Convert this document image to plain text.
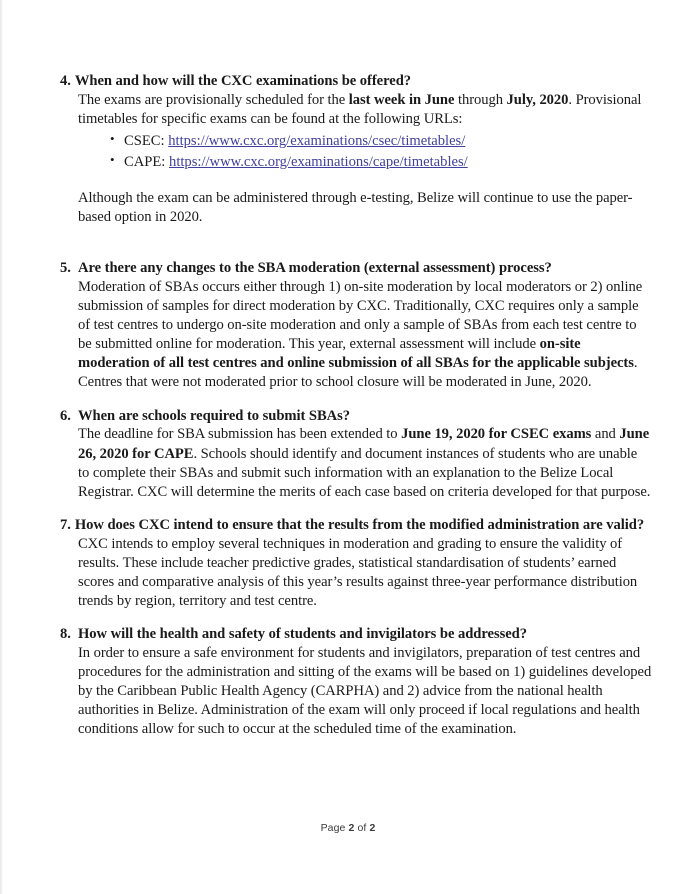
4. When and how will the CXC examinations be offered?
The exams are provisionally scheduled for the last week in June through July, 2020. Provisional timetables for specific exams can be found at the following URLs:
• CSEC: https://www.cxc.org/examinations/csec/timetables/
• CAPE: https://www.cxc.org/examinations/cape/timetables/
Although the exam can be administered through e-testing, Belize will continue to use the paper-based option in 2020.
5. Are there any changes to the SBA moderation (external assessment) process?
Moderation of SBAs occurs either through 1) on-site moderation by local moderators or 2) online submission of samples for direct moderation by CXC. Traditionally, CXC requires only a sample of test centres to undergo on-site moderation and only a sample of SBAs from each test centre to be submitted online for moderation. This year, external assessment will include on-site moderation of all test centres and online submission of all SBAs for the applicable subjects. Centres that were not moderated prior to school closure will be moderated in June, 2020.
6. When are schools required to submit SBAs?
The deadline for SBA submission has been extended to June 19, 2020 for CSEC exams and June 26, 2020 for CAPE. Schools should identify and document instances of students who are unable to complete their SBAs and submit such information with an explanation to the Belize Local Registrar. CXC will determine the merits of each case based on criteria developed for that purpose.
7. How does CXC intend to ensure that the results from the modified administration are valid?
CXC intends to employ several techniques in moderation and grading to ensure the validity of results. These include teacher predictive grades, statistical standardisation of students’ earned scores and comparative analysis of this year’s results against three-year performance distribution trends by region, territory and test centre.
8. How will the health and safety of students and invigilators be addressed?
In order to ensure a safe environment for students and invigilators, preparation of test centres and procedures for the administration and sitting of the exams will be based on 1) guidelines developed by the Caribbean Public Health Agency (CARPHA) and 2) advice from the national health authorities in Belize. Administration of the exam will only proceed if local regulations and health conditions allow for such to occur at the scheduled time of the examination.
Page 2 of 2
